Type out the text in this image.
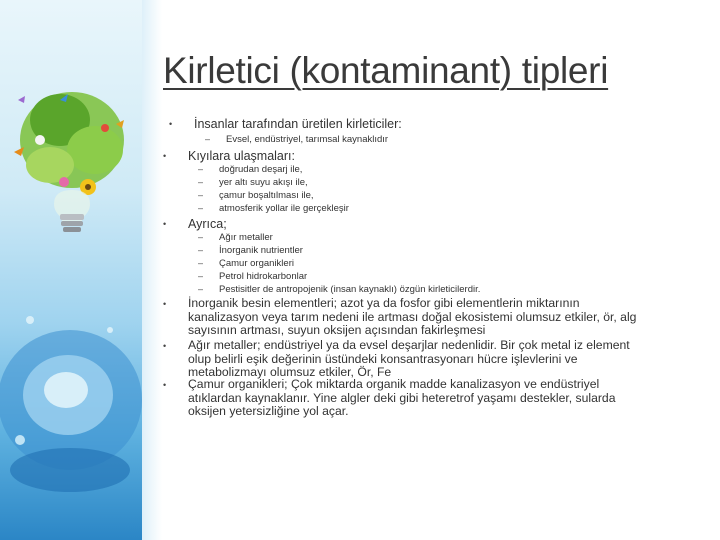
Kirletici (kontaminant) tipleri
• İnsanlar tarafından üretilen kirleticiler:
– Evsel, endüstriyel, tarımsal kaynaklıdır
• Kıyılara ulaşmaları:
– doğrudan deşarj ile,
– yer altı suyu akışı ile,
– çamur boşaltılması ile,
– atmosferik yollar ile gerçekleşir
• Ayrıca;
– Ağır metaller
– İnorganik nutrientler
– Çamur organikleri
– Petrol hidrokarbonlar
– Pestisitler de antropojenik (insan kaynaklı) özgün kirleticilerdir.
• İnorganik besin elementleri; azot ya da fosfor gibi elementlerin miktarının kanalizasyon veya tarım nedeni ile artması doğal ekosistemi olumsuz etkiler, ör, alg sayısının artması, suyun oksijen açısından fakirleşmesi
• Ağır metaller; endüstriyel ya da evsel deşarjlar nedenlidir. Bir çok metal iz element olup belirli eşik değerinin üstündeki konsantrasyonarı hücre işlevlerini ve metabolizmayı olumsuz etkiler, Ör, Fe
• Çamur organikleri; Çok miktarda organik madde kanalizasyon ve endüstriyel atıklardan kaynaklanır. Yine algler deki gibi heteretrof yaşamı destekler, sularda oksijen yetersizliğine yol açar.
